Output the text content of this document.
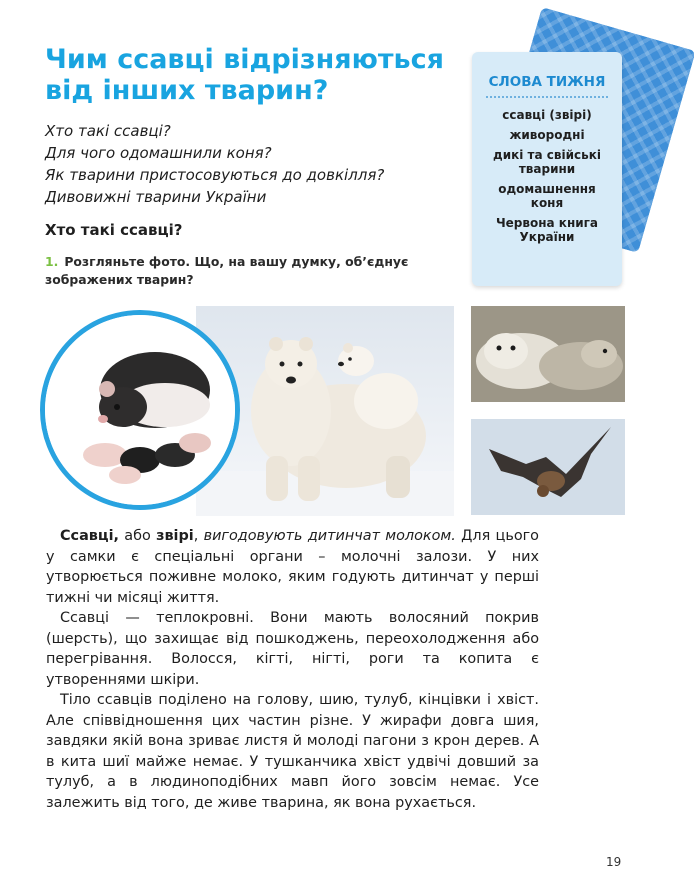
Чим ссавці відрізняються
від інших тварин?
Хто такі ссавці?
Для чого одомашнили коня?
Як тварини пристосовуються до довкілля?
Дивовижні тварини України
Хто такі ссавці?
1. Розгляньте фото. Що, на вашу думку, об’єднує зображених тварин?
СЛОВА ТИЖНЯ
ссавці (звірі)
живородні
дикі та свійські тварини
одомашнення коня
Червона книга України

Ссавці, або звірі, вигодовують дитинчат молоком. Для цього у самки є спеціальні органи – молочні залози. У них утворюється поживне молоко, яким годують дитинчат у перші тижні чи місяці життя.

Ссавці — теплокровні. Вони мають волосяний покрив (шерсть), що захищає від пошкоджень, переохолодження або перегрівання. Волосся, кігті, нігті, роги та копита є утвореннями шкіри.

Тіло ссавців поділено на голову, шию, тулуб, кінцівки і хвіст. Але співвідношення цих частин різне. У жирафи довга шия, завдяки якій вона зриває листя й молоді пагони з крон дерев. А в кита шиї майже немає. У тушканчика хвіст удвічі довший за тулуб, а в людиноподібних мавп його зовсім немає. Усе залежить від того, де живе тварина, як вона рухається.

19
